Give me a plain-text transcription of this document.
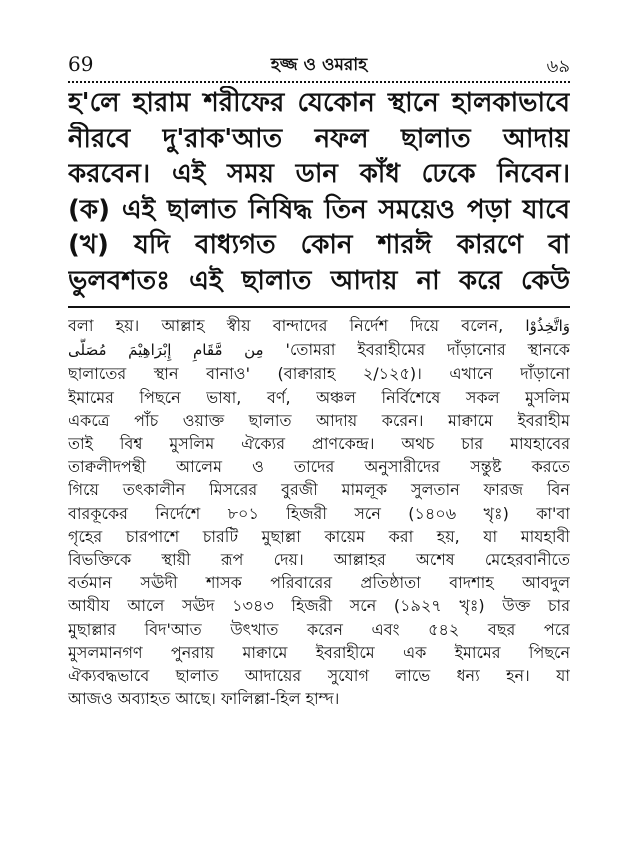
69	হজ্জ ও ওমরাহ	৬৯
হ'লে হারাম শরীফের যেকোন স্থানে হালকাভাবে
নীরবে দু'রাক'আত নফল ছালাত আদায়
করবেন। এই সময় ডান কাঁধ ঢেকে নিবেন।
(ক) এই ছালাত নিষিদ্ধ তিন সময়েও পড়া যাবে
(খ) যদি বাধ্যগত কোন শারঈ কারণে বা
ভুলবশতঃ এই ছালাত আদায় না করে কেউ
বলা হয়। আল্লাহ স্বীয় বান্দাদের নির্দেশ দিয়ে বলেন, وَاتَّخِذُوْا
مِن مَّقَامِ إِبْرَاهِيْمَ مُصَلًّى 'তোমরা ইবরাহীমের দাঁড়ানোর স্থানকে
ছালাতের স্থান বানাও' (বাক্বারাহ ২/১২৫)। এখানে দাঁড়ানো
ইমামের পিছনে ভাষা, বর্ণ, অঞ্চল নির্বিশেষে সকল মুসলিম
একত্রে পাঁচ ওয়াক্ত ছালাত আদায় করেন। মাক্বামে ইবরাহীম
তাই বিশ্ব মুসলিম ঐক্যের প্রাণকেন্দ্র। অথচ চার মাযহাবের
তাক্বলীদপন্থী আলেম ও তাদের অনুসারীদের সন্তুষ্ট করতে
গিয়ে তৎকালীন মিসরের বুরজী মামলূক সুলতান ফারজ বিন
বারকূকের নির্দেশে ৮০১ হিজরী সনে (১৪০৬ খৃঃ) কা'বা
গৃহের চারপাশে চারটি মুছাল্লা কায়েম করা হয়, যা মাযহাবী
বিভক্তিকে স্থায়ী রূপ দেয়। আল্লাহর অশেষ মেহেরবানীতে
বর্তমান সঊদী শাসক পরিবারের প্রতিষ্ঠাতা বাদশাহ আবদুল
আযীয আলে সঊদ ১৩৪৩ হিজরী সনে (১৯২৭ খৃঃ) উক্ত চার
মুছাল্লার বিদ'আত উৎখাত করেন এবং ৫৪২ বছর পরে
মুসলমানগণ পুনরায় মাক্বামে ইবরাহীমে এক ইমামের পিছনে
ঐক্যবদ্ধভাবে ছালাত আদায়ের সুযোগ লাভে ধন্য হন। যা
আজও অব্যাহত আছে। ফালিল্লা-হিল হাম্দ।
